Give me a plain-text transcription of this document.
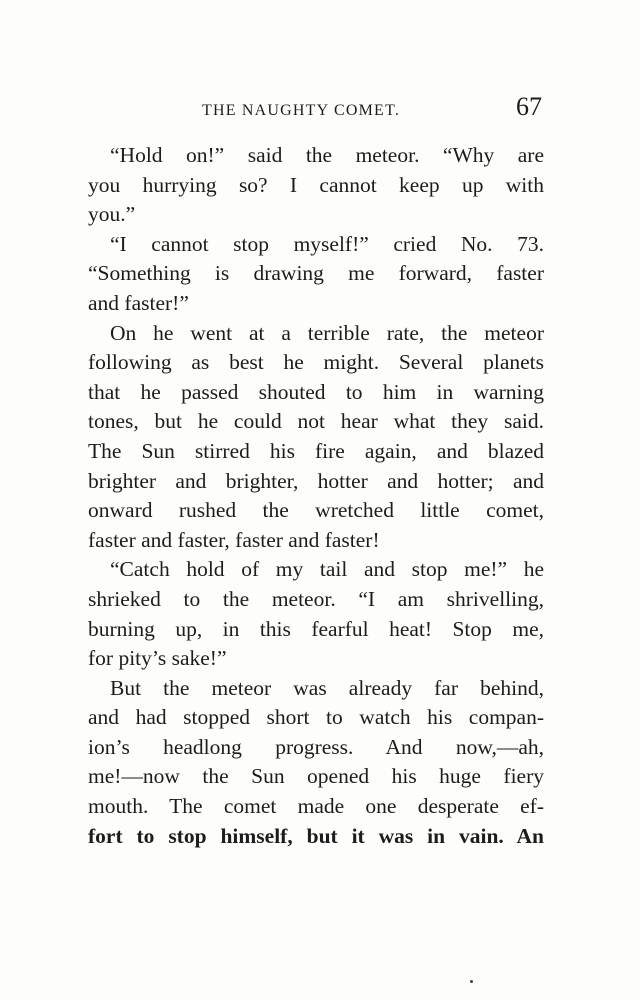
THE NAUGHTY COMET.	67
“Hold on!” said the meteor. “Why are
you hurrying so? I cannot keep up with
you.”
“I cannot stop myself!” cried No. 73.
“Something is drawing me forward, faster
and faster!”
On he went at a terrible rate, the meteor
following as best he might. Several planets
that he passed shouted to him in warning
tones, but he could not hear what they said.
The Sun stirred his fire again, and blazed
brighter and brighter, hotter and hotter; and
onward rushed the wretched little comet,
faster and faster, faster and faster!
“Catch hold of my tail and stop me!” he
shrieked to the meteor. “I am shrivelling,
burning up, in this fearful heat! Stop me,
for pity’s sake!”
But the meteor was already far behind,
and had stopped short to watch his compan-
ion’s headlong progress. And now,—ah,
me!—now the Sun opened his huge fiery
mouth. The comet made one desperate ef-
fort to stop himself, but it was in vain. An
